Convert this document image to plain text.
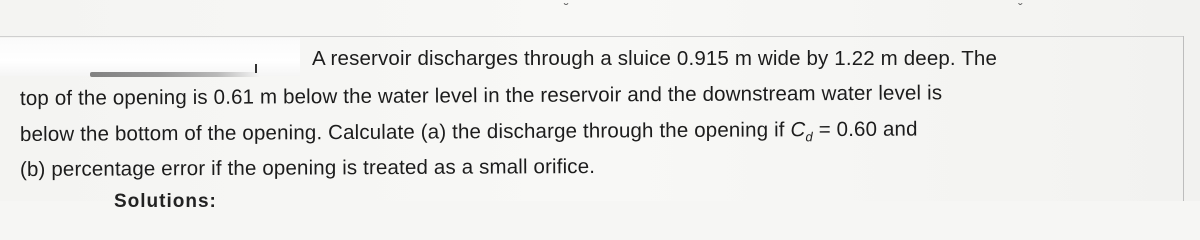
˘	ˇ
A reservoir discharges through a sluice 0.915 m wide by 1.22 m deep. The
top of the opening is 0.61 m below the water level in the reservoir and the downstream water level is
below the bottom of the opening. Calculate (a) the discharge through the opening if $C_d = 0.60$ and
(b) percentage error if the opening is treated as a small orifice.
Solutions:
